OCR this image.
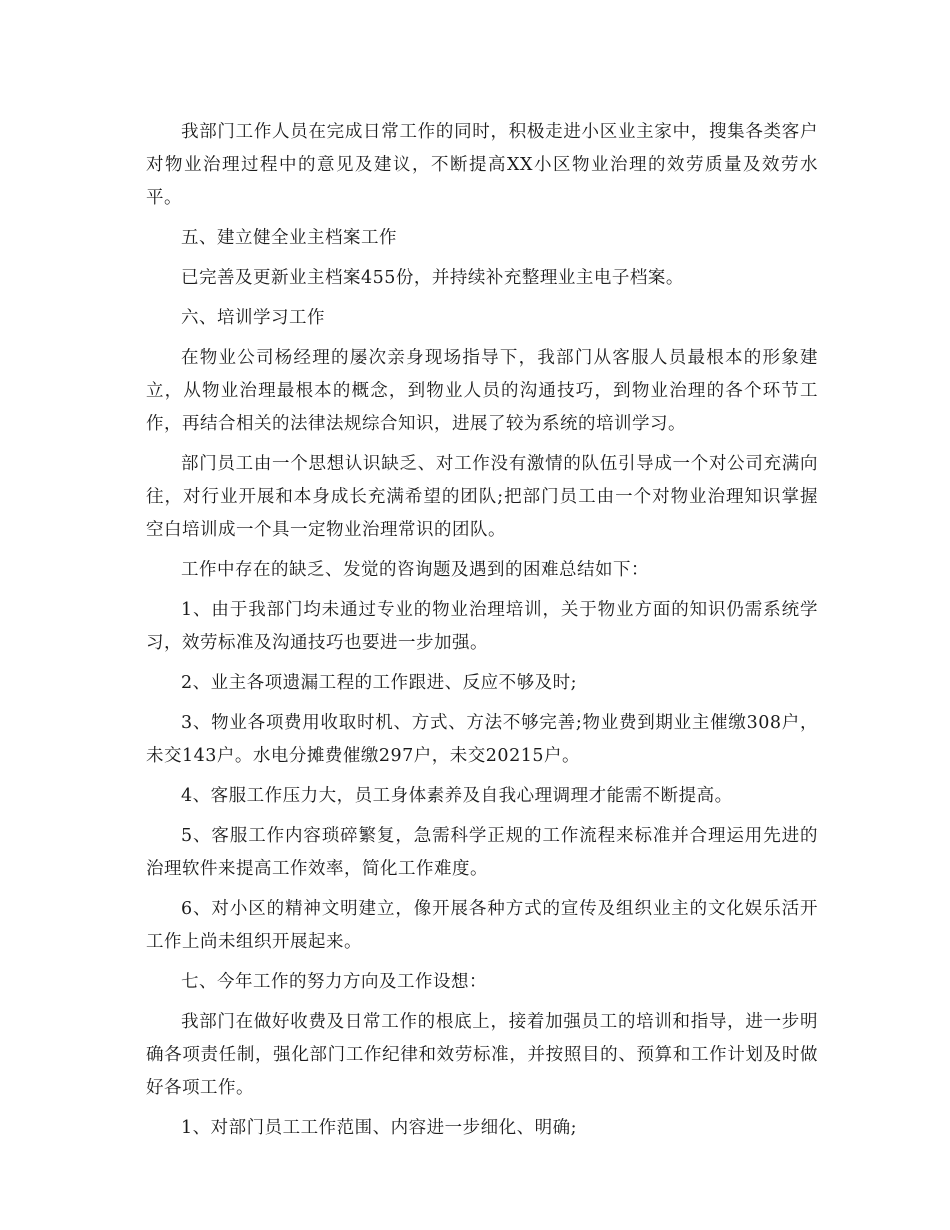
我部门工作人员在完成日常工作的同时，积极走进小区业主家中，搜集各类客户对物业治理过程中的意见及建议，不断提高XX小区物业治理的效劳质量及效劳水平。

五、建立健全业主档案工作

已完善及更新业主档案455份，并持续补充整理业主电子档案。

六、培训学习工作

在物业公司杨经理的屡次亲身现场指导下，我部门从客服人员最根本的形象建立，从物业治理最根本的概念，到物业人员的沟通技巧，到物业治理的各个环节工作，再结合相关的法律法规综合知识，进展了较为系统的培训学习。

部门员工由一个思想认识缺乏、对工作没有激情的队伍引导成一个对公司充满向往，对行业开展和本身成长充满希望的团队;把部门员工由一个对物业治理知识掌握空白培训成一个具一定物业治理常识的团队。

工作中存在的缺乏、发觉的咨询题及遇到的困难总结如下：

1、由于我部门均未通过专业的物业治理培训，关于物业方面的知识仍需系统学习，效劳标准及沟通技巧也要进一步加强。

2、业主各项遗漏工程的工作跟进、反应不够及时;

3、物业各项费用收取时机、方式、方法不够完善;物业费到期业主催缴308户，未交143户。水电分摊费催缴297户，未交20215户。

4、客服工作压力大，员工身体素养及自我心理调理才能需不断提高。

5、客服工作内容琐碎繁复，急需科学正规的工作流程来标准并合理运用先进的治理软件来提高工作效率，简化工作难度。

6、对小区的精神文明建立，像开展各种方式的宣传及组织业主的文化娱乐活开工作上尚未组织开展起来。

七、今年工作的努力方向及工作设想：

我部门在做好收费及日常工作的根底上，接着加强员工的培训和指导，进一步明确各项责任制，强化部门工作纪律和效劳标准，并按照目的、预算和工作计划及时做好各项工作。

1、对部门员工工作范围、内容进一步细化、明确;
